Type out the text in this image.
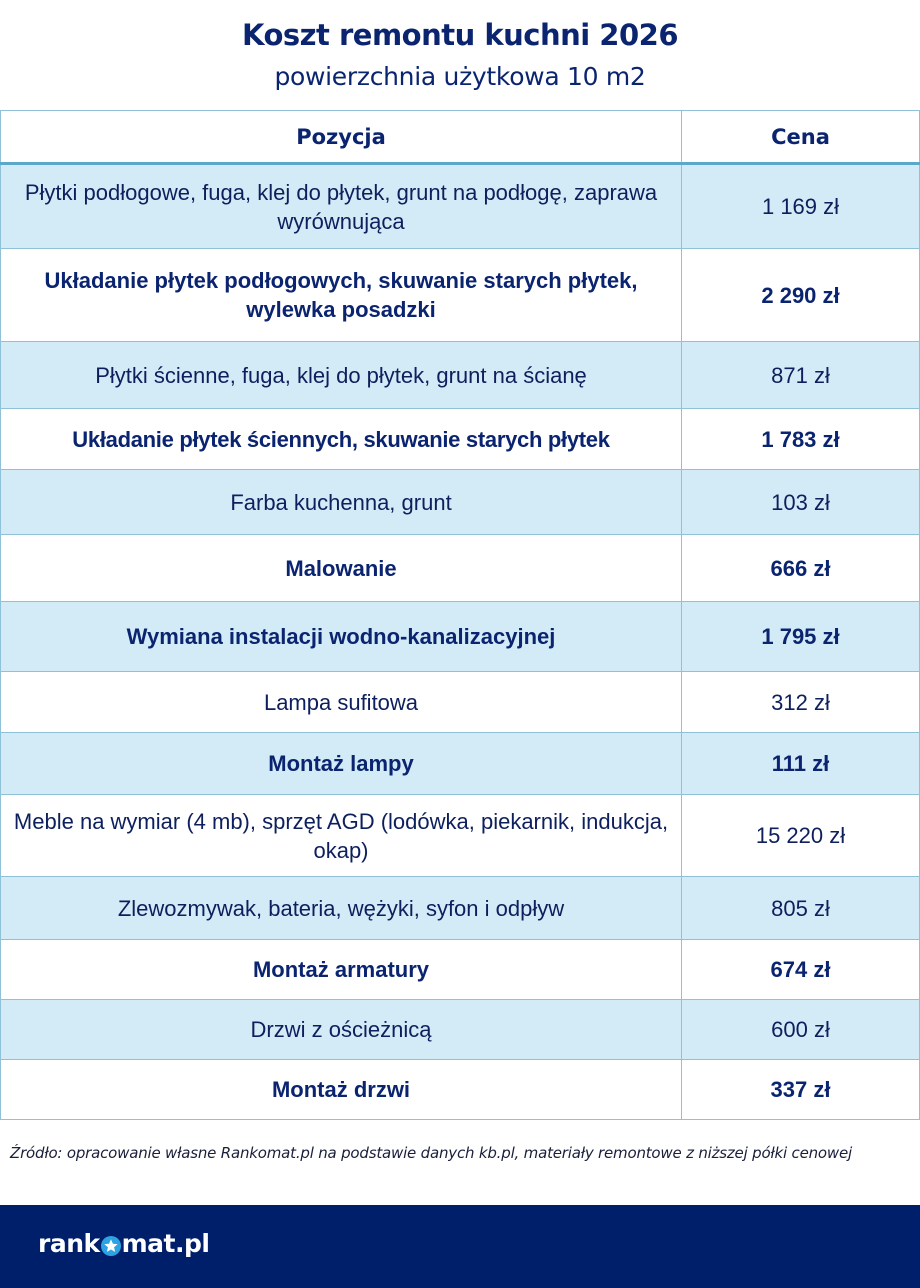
Koszt remontu kuchni 2026
powierzchnia użytkowa 10 m2
Pozycja	Cena
Płytki podłogowe, fuga, klej do płytek, grunt na podłogę, zaprawa wyrównująca	1 169 zł
Układanie płytek podłogowych, skuwanie starych płytek, wylewka posadzki	2 290 zł
Płytki ścienne, fuga, klej do płytek, grunt na ścianę	871 zł
Układanie płytek ściennych, skuwanie starych płytek	1 783 zł
Farba kuchenna, grunt	103 zł
Malowanie	666 zł
Wymiana instalacji wodno-kanalizacyjnej	1 795 zł
Lampa sufitowa	312 zł
Montaż lampy	111 zł
Meble na wymiar (4 mb), sprzęt AGD (lodówka, piekarnik, indukcja, okap)	15 220 zł
Zlewozmywak, bateria, wężyki, syfon i odpływ	805 zł
Montaż armatury	674 zł
Drzwi z ościeżnicą	600 zł
Montaż drzwi	337 zł
Źródło: opracowanie własne Rankomat.pl na podstawie danych kb.pl, materiały remontowe z niższej półki cenowej
rank mat.pl
